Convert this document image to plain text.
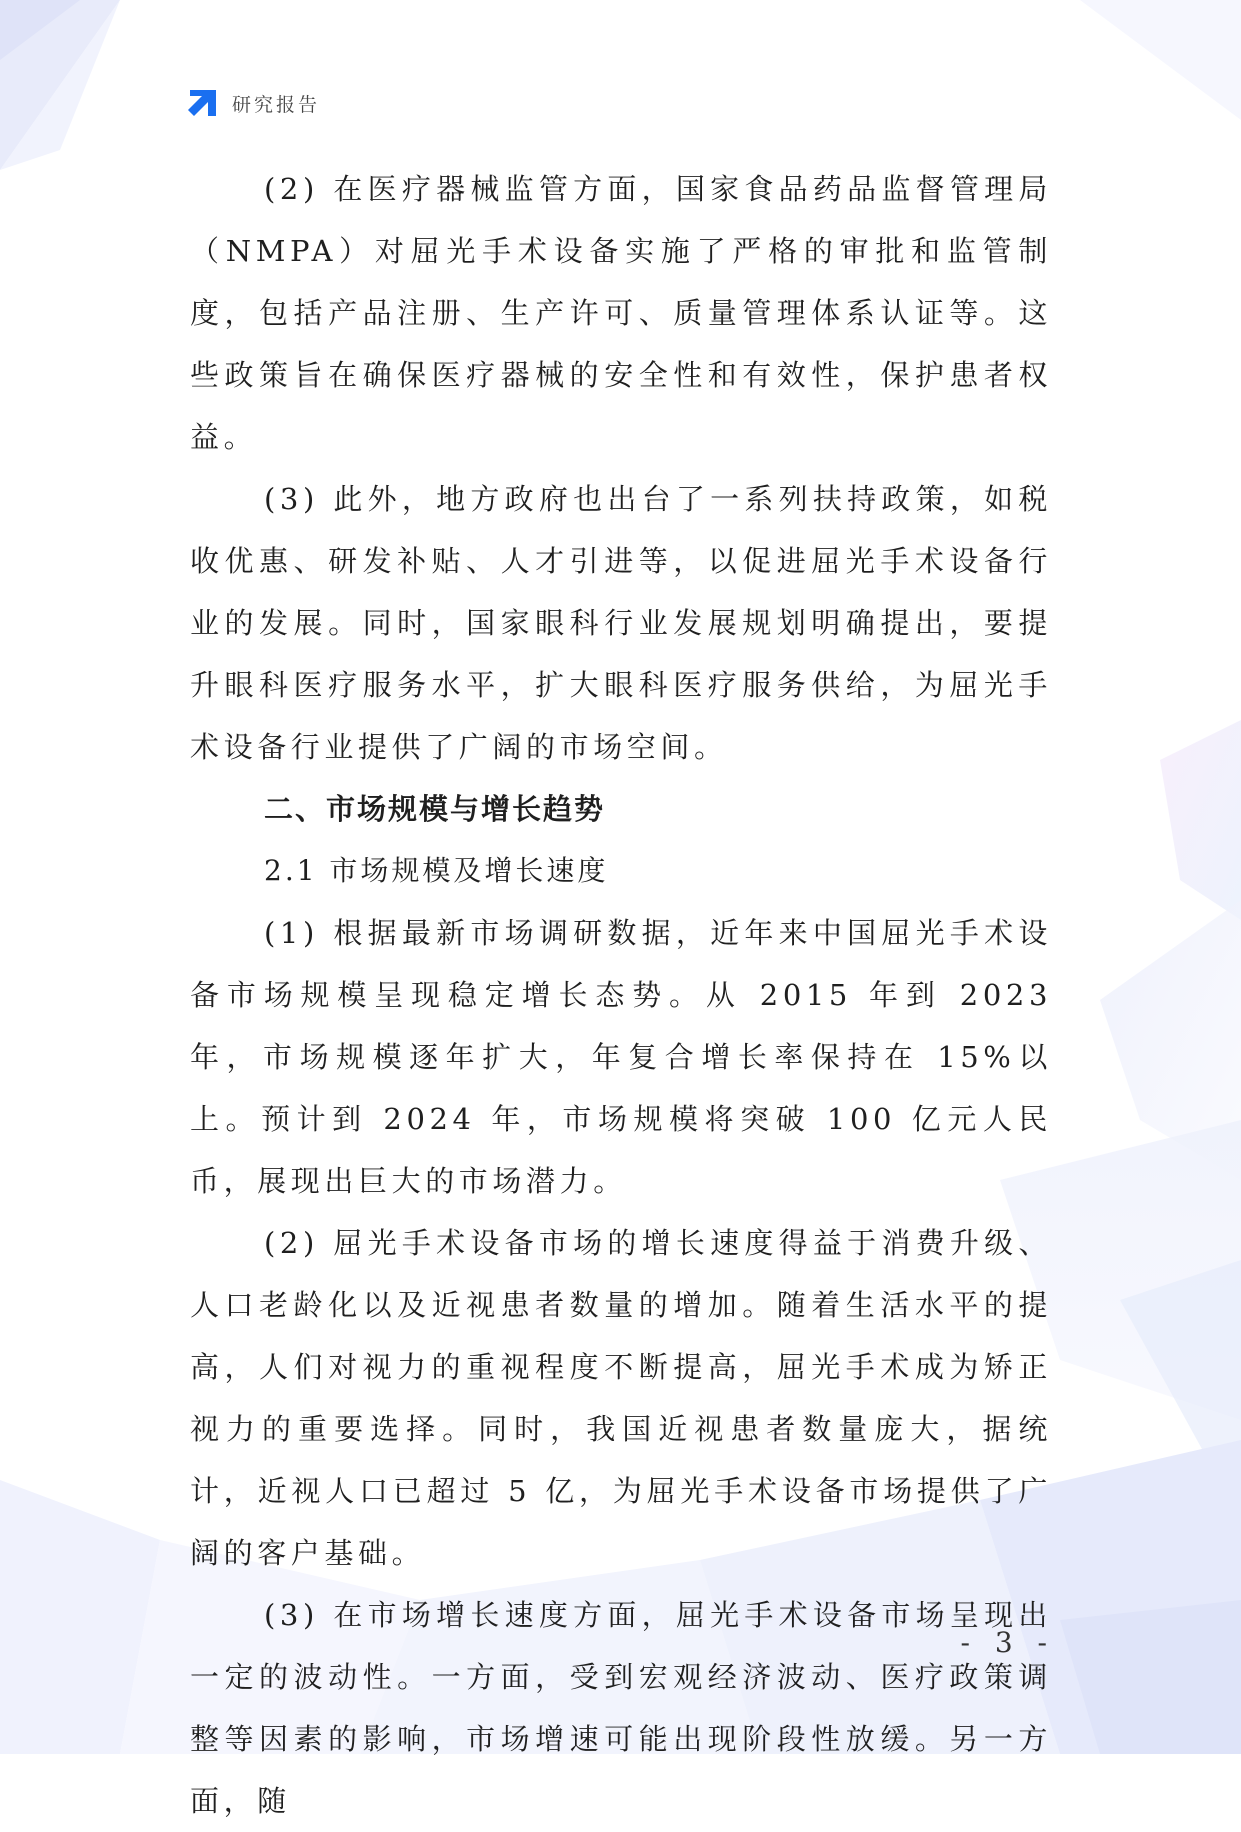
研究报告

(2) 在医疗器械监管方面，国家食品药品监督管理局（NMPA）对屈光手术设备实施了严格的审批和监管制度，包括产品注册、生产许可、质量管理体系认证等。这些政策旨在确保医疗器械的安全性和有效性，保护患者权益。

(3) 此外，地方政府也出台了一系列扶持政策，如税收优惠、研发补贴、人才引进等，以促进屈光手术设备行业的发展。同时，国家眼科行业发展规划明确提出，要提升眼科医疗服务水平，扩大眼科医疗服务供给，为屈光手术设备行业提供了广阔的市场空间。

二、市场规模与增长趋势

2.1 市场规模及增长速度

(1) 根据最新市场调研数据，近年来中国屈光手术设备市场规模呈现稳定增长态势。从 2015 年到 2023 年，市场规模逐年扩大，年复合增长率保持在 15%以上。预计到 2024 年，市场规模将突破 100 亿元人民币，展现出巨大的市场潜力。

(2) 屈光手术设备市场的增长速度得益于消费升级、人口老龄化以及近视患者数量的增加。随着生活水平的提高，人们对视力的重视程度不断提高，屈光手术成为矫正视力的重要选择。同时，我国近视患者数量庞大，据统计，近视人口已超过 5 亿，为屈光手术设备市场提供了广阔的客户基础。

(3) 在市场增长速度方面，屈光手术设备市场呈现出一定的波动性。一方面，受到宏观经济波动、医疗政策调整等因素的影响，市场增速可能出现阶段性放缓。另一方面，随

- 3 -
